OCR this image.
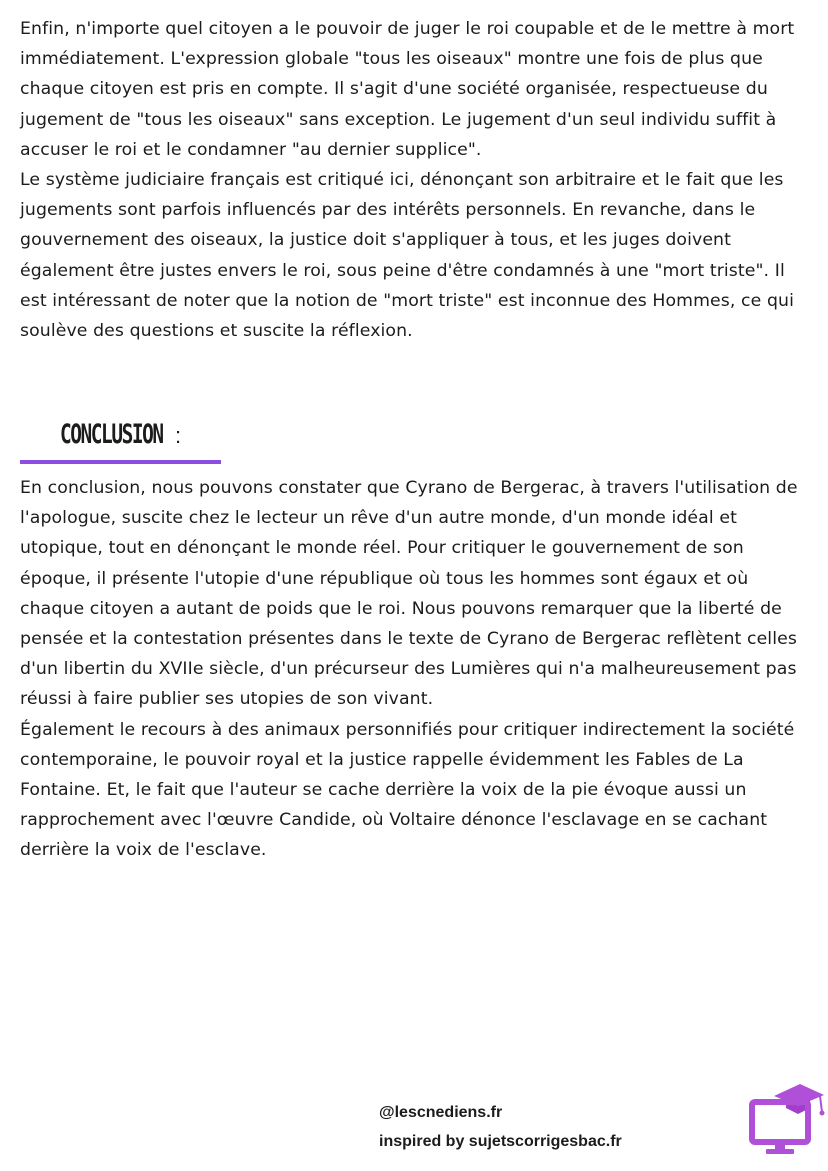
Enfin, n'importe quel citoyen a le pouvoir de juger le roi coupable et de le mettre à mort immédiatement. L'expression globale "tous les oiseaux" montre une fois de plus que chaque citoyen est pris en compte. Il s'agit d'une société organisée, respectueuse du jugement de "tous les oiseaux" sans exception. Le jugement d'un seul individu suffit à accuser le roi et le condamner "au dernier supplice".

Le système judiciaire français est critiqué ici, dénonçant son arbitraire et le fait que les jugements sont parfois influencés par des intérêts personnels. En revanche, dans le gouvernement des oiseaux, la justice doit s'appliquer à tous, et les juges doivent également être justes envers le roi, sous peine d'être condamnés à une "mort triste". Il est intéressant de noter que la notion de "mort triste" est inconnue des Hommes, ce qui soulève des questions et suscite la réflexion.

CONCLUSION :

En conclusion, nous pouvons constater que Cyrano de Bergerac, à travers l'utilisation de l'apologue, suscite chez le lecteur un rêve d'un autre monde, d'un monde idéal et utopique, tout en dénonçant le monde réel. Pour critiquer le gouvernement de son époque, il présente l'utopie d'une république où tous les hommes sont égaux et où chaque citoyen a autant de poids que le roi. Nous pouvons remarquer que la liberté de pensée et la contestation présentes dans le texte de Cyrano de Bergerac reflètent celles d'un libertin du XVIIe siècle, d'un précurseur des Lumières qui n'a malheureusement pas réussi à faire publier ses utopies de son vivant.

Également le recours à des animaux personnifiés pour critiquer indirectement la société contemporaine, le pouvoir royal et la justice rappelle évidemment les Fables de La Fontaine. Et, le fait que l'auteur se cache derrière la voix de la pie évoque aussi un rapprochement avec l'œuvre Candide, où Voltaire dénonce l'esclavage en se cachant derrière la voix de l'esclave.

@lescnediens.fr
inspired by sujetscorrigesbac.fr
